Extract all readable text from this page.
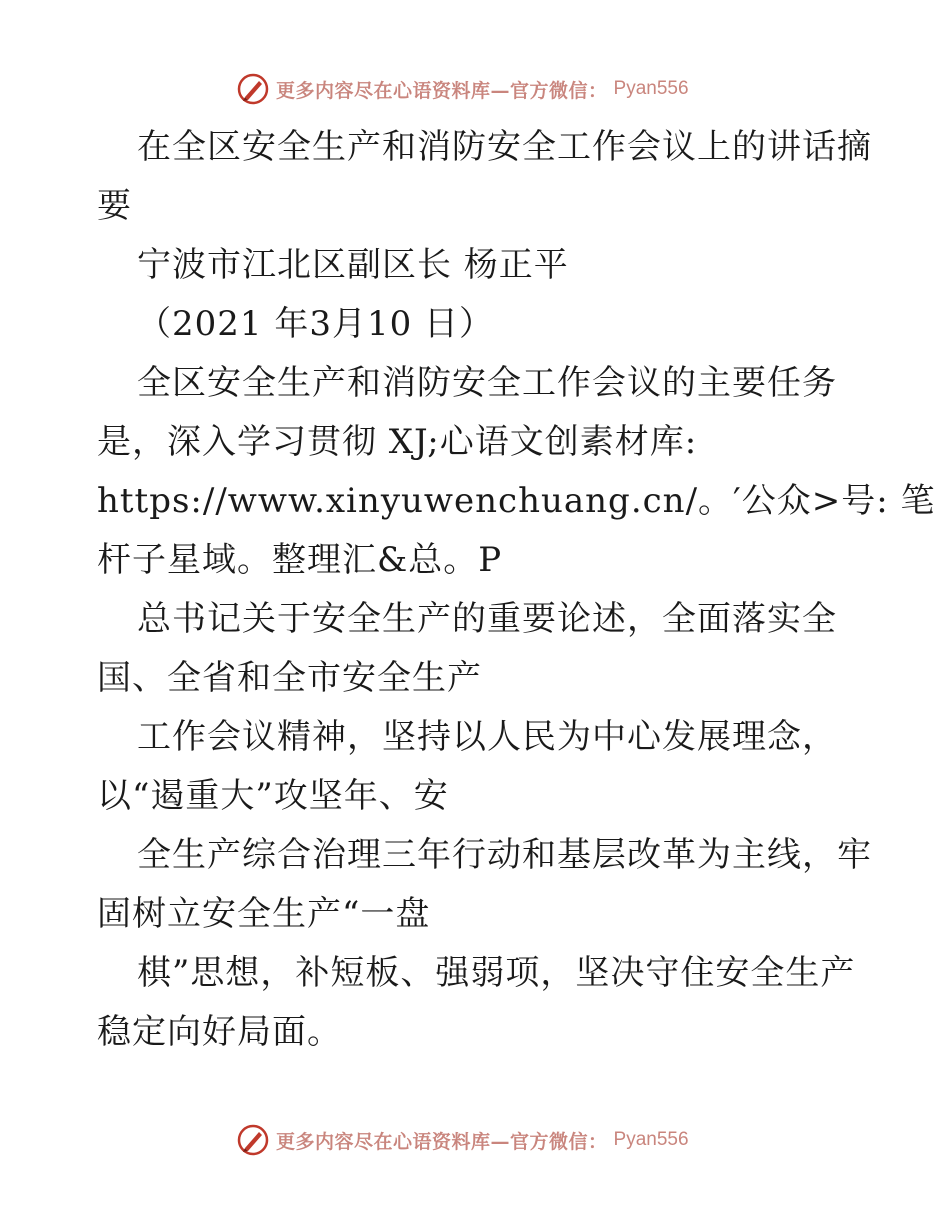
更多内容尽在心语资料库—官方微信： Pyan556
在全区安全生产和消防安全工作会议上的讲话摘
要
宁波市江北区副区长 杨正平
（2021 年3月10 日）
全区安全生产和消防安全工作会议的主要任务
是，深入学习贯彻 XJ;心语文创素材库:
https://www.xinyuwenchuang.cn/。′公众>号: 笔
杆子星域。整理汇&总。P
总书记关于安全生产的重要论述，全面落实全
国、全省和全市安全生产
工作会议精神，坚持以人民为中心发展理念，
以“遏重大”攻坚年、安
全生产综合治理三年行动和基层改革为主线，牢
固树立安全生产“一盘
棋”思想，补短板、强弱项，坚决守住安全生产
稳定向好局面。
更多内容尽在心语资料库—官方微信： Pyan556
